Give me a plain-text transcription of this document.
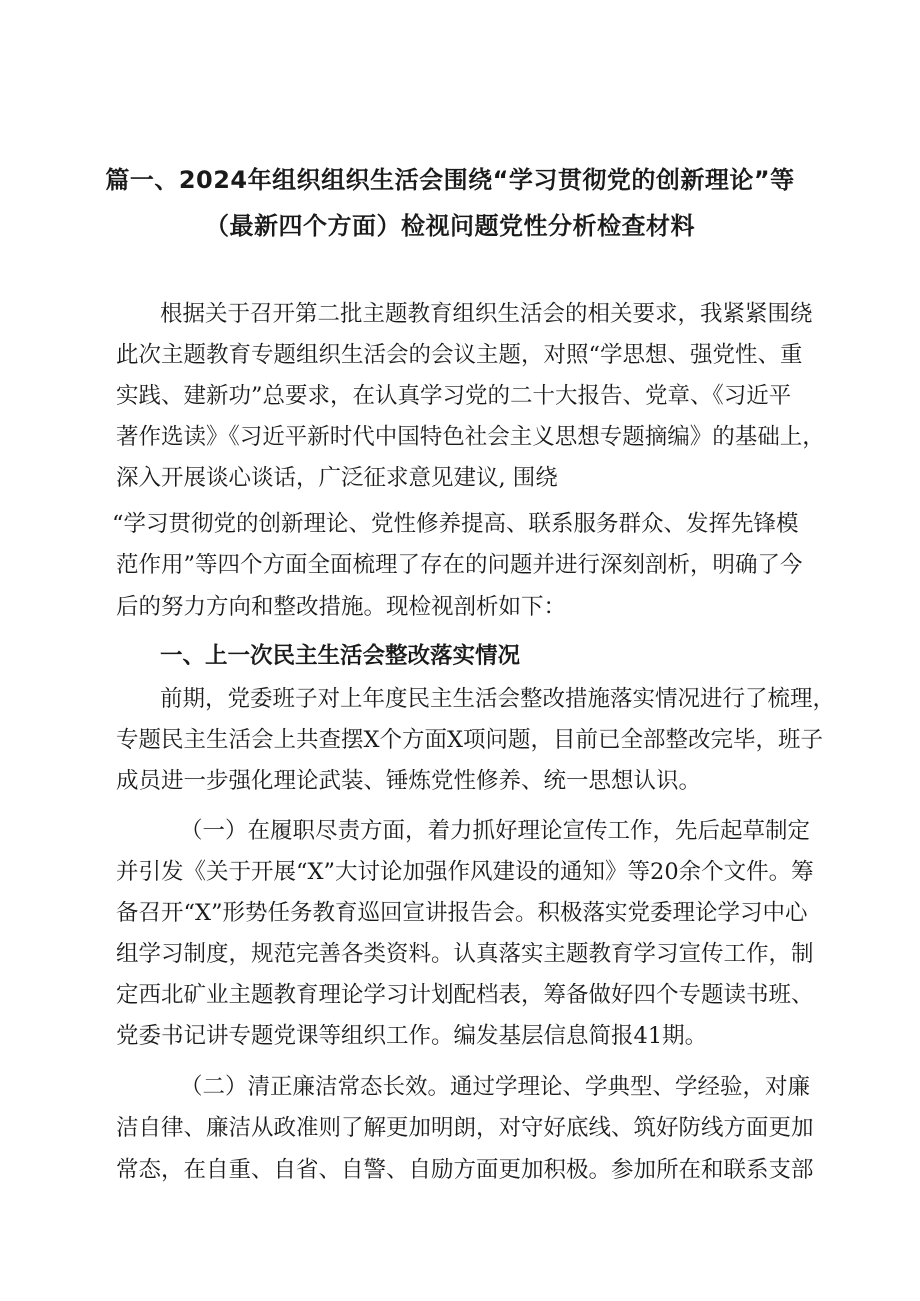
篇一、2024年组织组织生活会围绕“学习贯彻党的创新理论”等
（最新四个方面）检视问题党性分析检查材料
根据关于召开第二批主题教育组织生活会的相关要求，我紧紧围绕
此次主题教育专题组织生活会的会议主题，对照“学思想、强党性、重
实践、建新功”总要求，在认真学习党的二十大报告、党章、《习近平
著作选读》《习近平新时代中国特色社会主义思想专题摘编》的基础上，
深入开展谈心谈话，广泛征求意见建议, 围绕
“学习贯彻党的创新理论、党性修养提高、联系服务群众、发挥先锋模
范作用”等四个方面全面梳理了存在的问题并进行深刻剖析，明确了今
后的努力方向和整改措施。现检视剖析如下：
一、上一次民主生活会整改落实情况
前期，党委班子对上年度民主生活会整改措施落实情况进行了梳理，
专题民主生活会上共查摆X个方面X项问题，目前已全部整改完毕，班子
成员进一步强化理论武装、锤炼党性修养、统一思想认识。
（一）在履职尽责方面，着力抓好理论宣传工作，先后起草制定
并引发《关于开展“X”大讨论加强作风建设的通知》等20余个文件。筹
备召开“X”形势任务教育巡回宣讲报告会。积极落实党委理论学习中心
组学习制度，规范完善各类资料。认真落实主题教育学习宣传工作，制
定西北矿业主题教育理论学习计划配档表，筹备做好四个专题读书班、
党委书记讲专题党课等组织工作。编发基层信息简报41期。
（二）清正廉洁常态长效。通过学理论、学典型、学经验，对廉
洁自律、廉洁从政准则了解更加明朗，对守好底线、筑好防线方面更加
常态，在自重、自省、自警、自励方面更加积极。参加所在和联系支部
